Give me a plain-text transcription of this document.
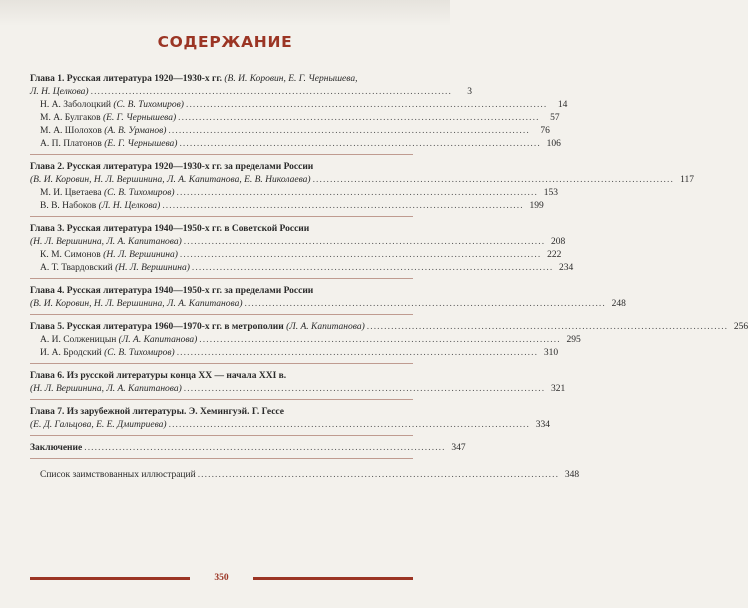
СОДЕРЖАНИЕ
Глава 1. Русская литература 1920—1930-х гг. (В. И. Коровин, Е. Г. Чернышева,
Л. Н. Целкова) ........................................................................................................	3
Н. А. Заболоцкий (С. В. Тихомиров) ........................................................................................................	14
М. А. Булгаков (Е. Г. Чернышева) ........................................................................................................	57
М. А. Шолохов (А. В. Урманов) ........................................................................................................	76
А. П. Платонов (Е. Г. Чернышева) ........................................................................................................ 106
Глава 2. Русская литература 1920—1930-х гг. за пределами России
(В. И. Коровин, Н. Л. Вершинина, Л. А. Капитанова, Е. В. Николаева) ........................................................................................................ 117
М. И. Цветаева (С. В. Тихомиров) ........................................................................................................ 153
В. В. Набоков (Л. Н. Целкова) ........................................................................................................ 199
Глава 3. Русская литература 1940—1950-х гг. в Советской России
(Н. Л. Вершинина, Л. А. Капитанова) ........................................................................................................ 208
К. М. Симонов (Н. Л. Вершинина) ........................................................................................................ 222
А. Т. Твардовский (Н. Л. Вершинина) ........................................................................................................ 234
Глава 4. Русская литература 1940—1950-х гг. за пределами России
(В. И. Коровин, Н. Л. Вершинина, Л. А. Капитанова) ........................................................................................................ 248
Глава 5. Русская литература 1960—1970-х гг. в метрополии (Л. А. Капитанова) ........................................................................................................ 256
А. И. Солженицын (Л. А. Капитанова) ........................................................................................................ 295
И. А. Бродский (С. В. Тихомиров) ........................................................................................................ 310
Глава 6. Из русской литературы конца XX — начала XXI в.
(Н. Л. Вершинина, Л. А. Капитанова) ........................................................................................................ 321
Глава 7. Из зарубежной литературы. Э. Хемингуэй. Г. Гессе
(Е. Д. Гальцова, Е. Е. Дмитриева) ........................................................................................................ 334
Заключение ........................................................................................................ 347
Список заимствованных иллюстраций ........................................................................................................ 348
350
